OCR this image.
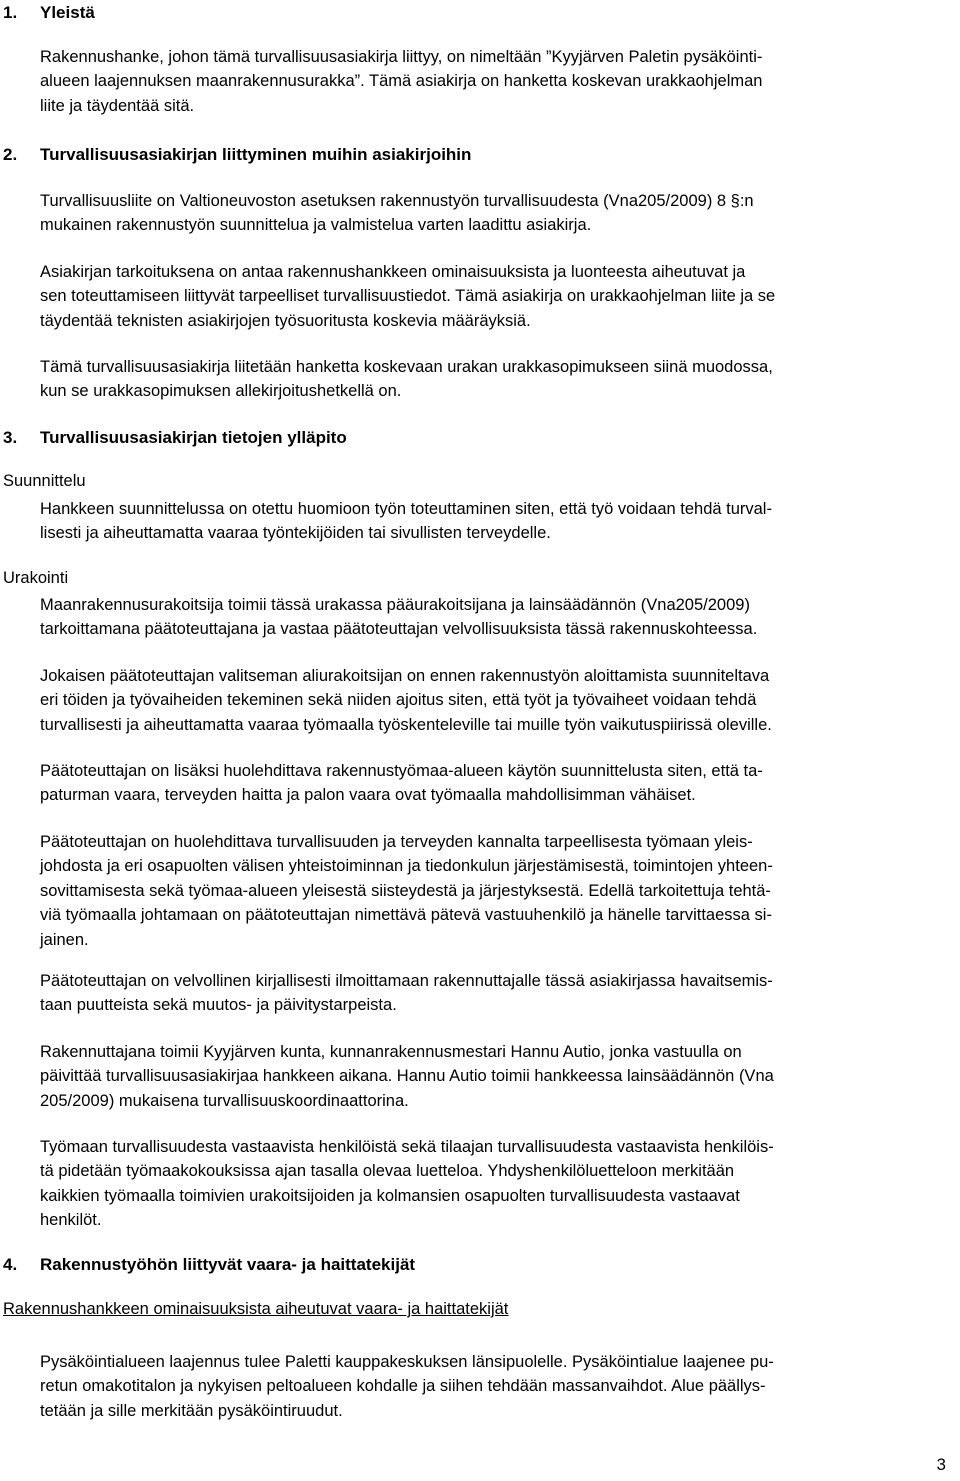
1. Yleistä
Rakennushanke, johon tämä turvallisuusasiakirja liittyy, on nimeltään ”Kyyjärven Paletin pysäköinti-
alueen laajennuksen maanrakennusurakka”. Tämä asiakirja on hanketta koskevan urakkaohjelman
liite ja täydentää sitä.
2. Turvallisuusasiakirjan liittyminen muihin asiakirjoihin
Turvallisuusliite on Valtioneuvoston asetuksen rakennustyön turvallisuudesta (Vna205/2009) 8 §:n
mukainen rakennustyön suunnittelua ja valmistelua varten laadittu asiakirja.
Asiakirjan tarkoituksena on antaa rakennushankkeen ominaisuuksista ja luonteesta aiheutuvat ja
sen toteuttamiseen liittyvät tarpeelliset turvallisuustiedot. Tämä asiakirja on urakkaohjelman liite ja se
täydentää teknisten asiakirjojen työsuoritusta koskevia määräyksiä.
Tämä turvallisuusasiakirja liitetään hanketta koskevaan urakan urakkasopimukseen siinä muodossa,
kun se urakkasopimuksen allekirjoitushetkellä on.
3. Turvallisuusasiakirjan tietojen ylläpito
Suunnittelu
Hankkeen suunnittelussa on otettu huomioon työn toteuttaminen siten, että työ voidaan tehdä turval-
lisesti ja aiheuttamatta vaaraa työntekijöiden tai sivullisten terveydelle.
Urakointi
Maanrakennusurakoitsija toimii tässä urakassa pääurakoitsijana ja lainsäädännön (Vna205/2009)
tarkoittamana päätoteuttajana ja vastaa päätoteuttajan velvollisuuksista tässä rakennuskohteessa.
Jokaisen päätoteuttajan valitseman aliurakoitsijan on ennen rakennustyön aloittamista suunniteltava
eri töiden ja työvaiheiden tekeminen sekä niiden ajoitus siten, että työt ja työvaiheet voidaan tehdä
turvallisesti ja aiheuttamatta vaaraa työmaalla työskenteleville tai muille työn vaikutuspiirissä oleville.
Päätoteuttajan on lisäksi huolehdittava rakennustyömaa-alueen käytön suunnittelusta siten, että ta-
paturman vaara, terveyden haitta ja palon vaara ovat työmaalla mahdollisimman vähäiset.
Päätoteuttajan on huolehdittava turvallisuuden ja terveyden kannalta tarpeellisesta työmaan yleis-
johdosta ja eri osapuolten välisen yhteistoiminnan ja tiedonkulun järjestämisestä, toimintojen yhteen-
sovittamisesta sekä työmaa-alueen yleisestä siisteydestä ja järjestyksestä. Edellä tarkoitettuja tehtä-
viä työmaalla johtamaan on päätoteuttajan nimettävä pätevä vastuuhenkilö ja hänelle tarvittaessa si-
jainen.
Päätoteuttajan on velvollinen kirjallisesti ilmoittamaan rakennuttajalle tässä asiakirjassa havaitsemis-
taan puutteista sekä muutos- ja päivitystarpeista.
Rakennuttajana toimii Kyyjärven kunta, kunnanrakennusmestari Hannu Autio, jonka vastuulla on
päivittää turvallisuusasiakirjaa hankkeen aikana. Hannu Autio toimii hankkeessa lainsäädännön (Vna
205/2009) mukaisena turvallisuuskoordinaattorina.
Työmaan turvallisuudesta vastaavista henkilöistä sekä tilaajan turvallisuudesta vastaavista henkilöis-
tä pidetään työmaakokouksissa ajan tasalla olevaa luetteloa. Yhdyshenkilöluetteloon merkitään
kaikkien työmaalla toimivien urakoitsijoiden ja kolmansien osapuolten turvallisuudesta vastaavat
henkilöt.
4. Rakennustyöhön liittyvät vaara- ja haittatekijät
Rakennushankkeen ominaisuuksista aiheutuvat vaara- ja haittatekijät
Pysäköintialueen laajennus tulee Paletti kauppakeskuksen länsipuolelle. Pysäköintialue laajenee pu-
retun omakotitalon ja nykyisen peltoalueen kohdalle ja siihen tehdään massanvaihdot. Alue päällys-
tetään ja sille merkitään pysäköintiruudut.
3
